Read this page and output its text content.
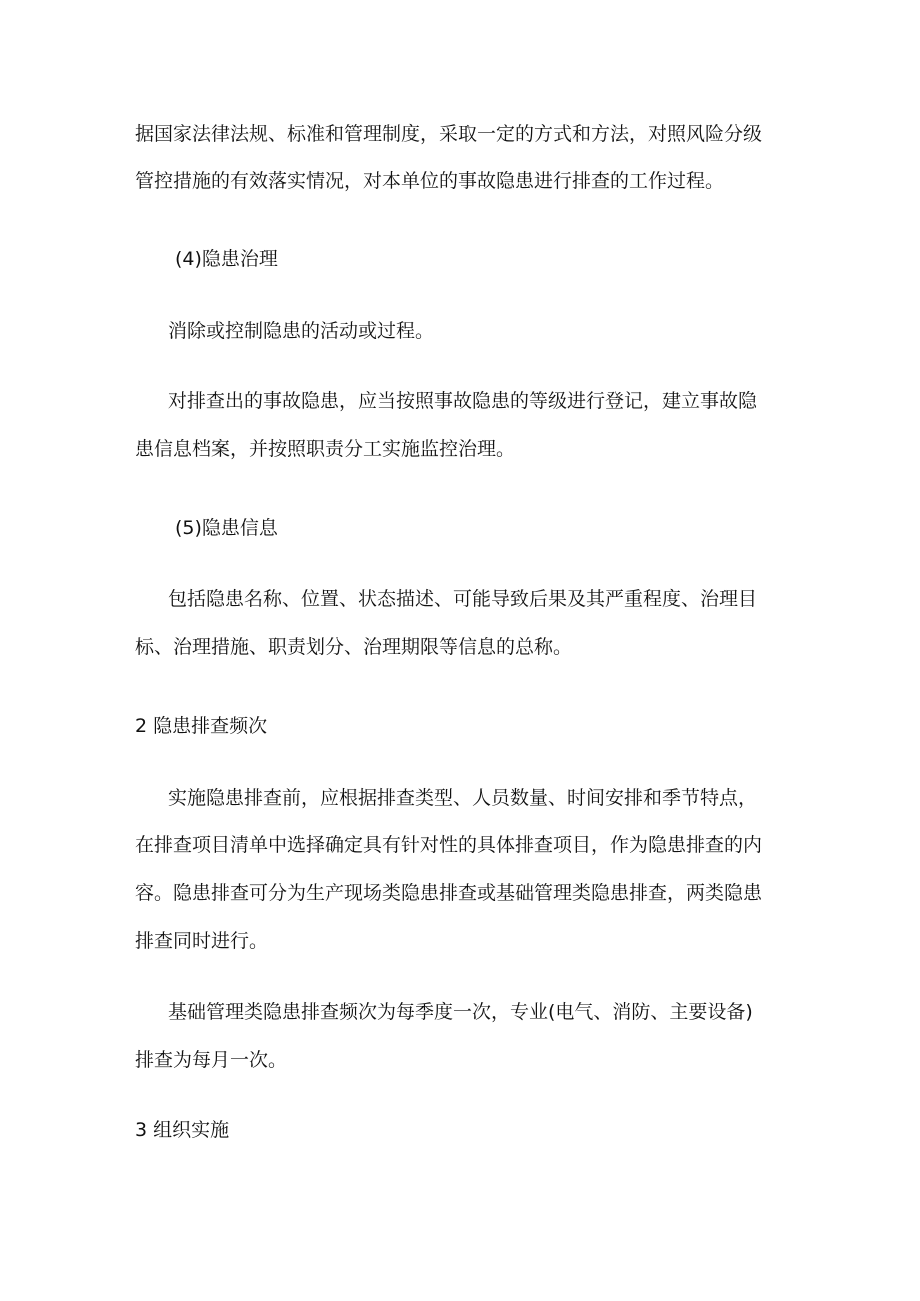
据国家法律法规、标准和管理制度，采取一定的方式和方法，对照风险分级
管控措施的有效落实情况，对本单位的事故隐患进行排查的工作过程。
(4)隐患治理
消除或控制隐患的活动或过程。
对排查出的事故隐患，应当按照事故隐患的等级进行登记，建立事故隐
患信息档案，并按照职责分工实施监控治理。
(5)隐患信息
包括隐患名称、位置、状态描述、可能导致后果及其严重程度、治理目
标、治理措施、职责划分、治理期限等信息的总称。
2 隐患排查频次
实施隐患排查前，应根据排查类型、人员数量、时间安排和季节特点，
在排查项目清单中选择确定具有针对性的具体排查项目，作为隐患排查的内
容。隐患排查可分为生产现场类隐患排查或基础管理类隐患排查，两类隐患
排查同时进行。
基础管理类隐患排查频次为每季度一次，专业(电气、消防、主要设备)
排查为每月一次。
3 组织实施
